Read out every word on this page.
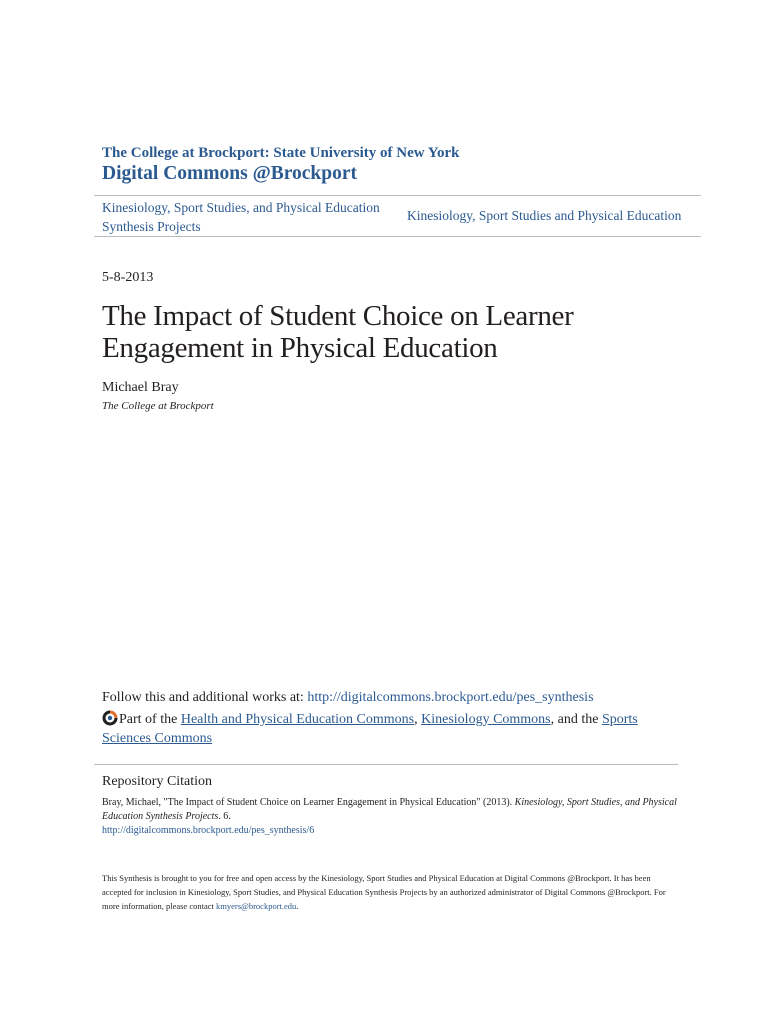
The College at Brockport: State University of New York
Digital Commons @Brockport
Kinesiology, Sport Studies, and Physical Education
Synthesis Projects
Kinesiology, Sport Studies and Physical Education
5-8-2013
The Impact of Student Choice on Learner Engagement in Physical Education
Michael Bray
The College at Brockport
Follow this and additional works at: http://digitalcommons.brockport.edu/pes_synthesis
Part of the Health and Physical Education Commons, Kinesiology Commons, and the Sports Sciences Commons
Repository Citation
Bray, Michael, "The Impact of Student Choice on Learner Engagement in Physical Education" (2013). Kinesiology, Sport Studies, and Physical Education Synthesis Projects. 6.
http://digitalcommons.brockport.edu/pes_synthesis/6
This Synthesis is brought to you for free and open access by the Kinesiology, Sport Studies and Physical Education at Digital Commons @Brockport. It has been accepted for inclusion in Kinesiology, Sport Studies, and Physical Education Synthesis Projects by an authorized administrator of Digital Commons @Brockport. For more information, please contact kmyers@brockport.edu.
